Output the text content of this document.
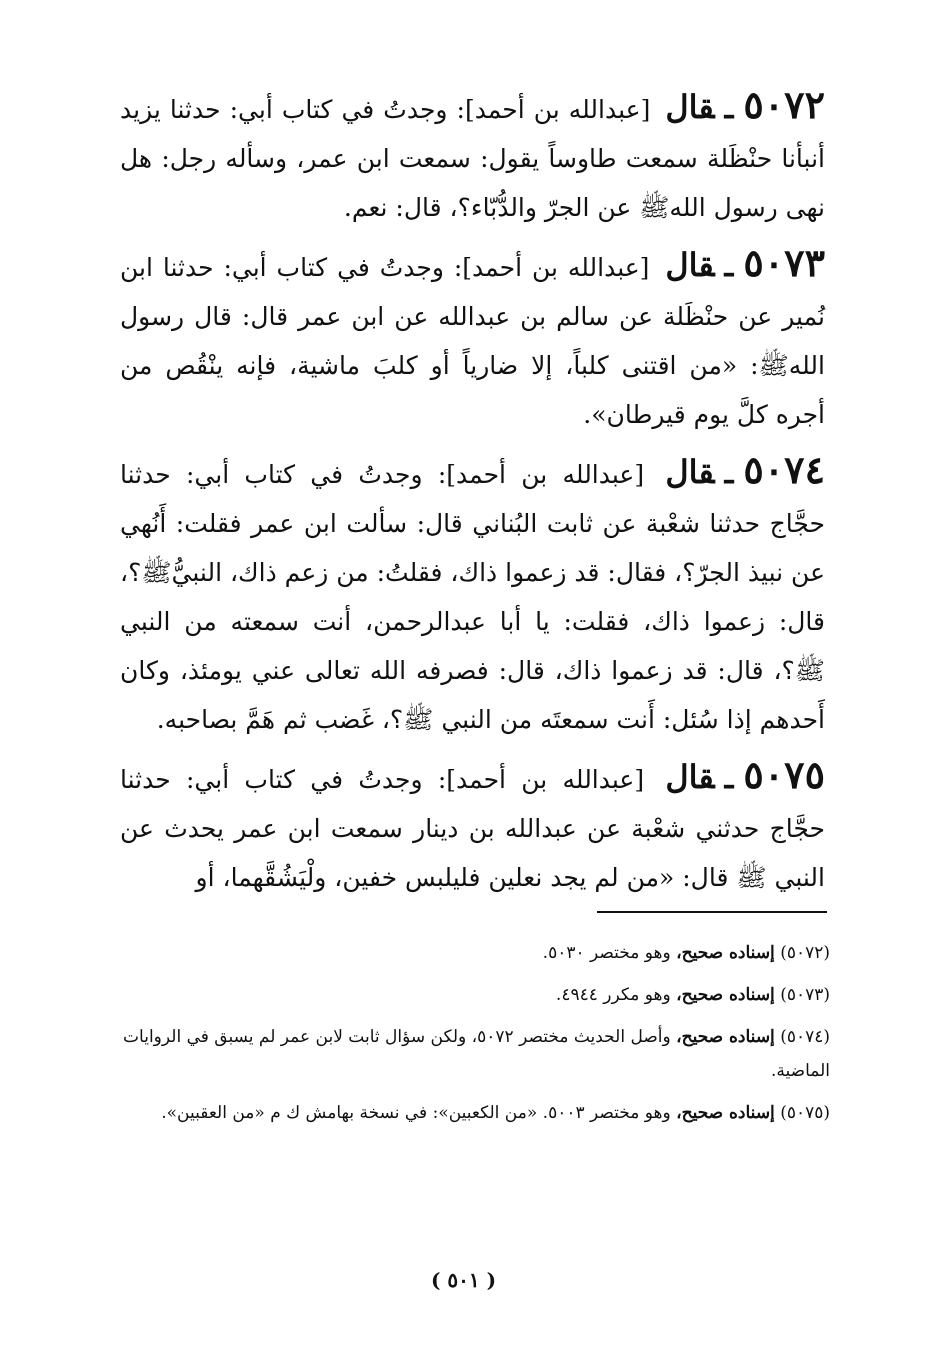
٥٠٧٢ـقال [عبدالله بن أحمد]: وجدتُ في كتاب أبي: حدثنا يزيد أنبأنا حنْظَلة سمعت طاوساً يقول: سمعت ابن عمر، وسأله رجل: هل نهى رسول اللهﷺ عن الجرّ والدُّبّاء؟، قال: نعم.

٥٠٧٣ـقال [عبدالله بن أحمد]: وجدتُ في كتاب أبي: حدثنا ابن نُمير عن حنْظَلة عن سالم بن عبدالله عن ابن عمر قال: قال رسول اللهﷺ: «من اقتنى كلباً، إلا ضارياً أو كلبَ ماشية، فإنه ينْقُص من أجره كلَّ يوم قيرطان».

٥٠٧٤ـقال [عبدالله بن أحمد]: وجدتُ في كتاب أبي: حدثنا حجَّاج حدثنا شعْبة عن ثابت البُناني قال: سألت ابن عمر فقلت: أَنُهي عن نبيذ الجرّ؟، فقال: قد زعموا ذاك، فقلتُ: من زعم ذاك، النبيُّﷺ؟، قال: زعموا ذاك، فقلت: يا أبا عبدالرحمن، أنت سمعته من النبي ﷺ؟، قال: قد زعموا ذاك، قال: فصرفه الله تعالى عني يومئذ، وكان أَحدهم إذا سُئل: أَنت سمعتَه من النبي ﷺ؟، غَضب ثم هَمَّ بصاحبه.

٥٠٧٥ـقال [عبدالله بن أحمد]: وجدتُ في كتاب أبي: حدثنا حجَّاج حدثني شعْبة عن عبدالله بن دينار سمعت ابن عمر يحدث عن النبي ﷺ قال: «من لم يجد نعلين فليلبس خفين، ولْيَشُقَّهما، أو

(٥٠٧٢) إسناده صحيح، وهو مختصر ٥٠٣٠.

(٥٠٧٣) إسناده صحيح، وهو مكرر ٤٩٤٤.

(٥٠٧٤) إسناده صحيح، وأصل الحديث مختصر ٥٠٧٢، ولكن سؤال ثابت لابن عمر لم يسبق في الروايات الماضية.

(٥٠٧٥) إسناده صحيح، وهو مختصر ٥٠٠٣. «من الكعبين»: في نسخة بهامش ك م «من العقبين».

( ٥٠١ )
